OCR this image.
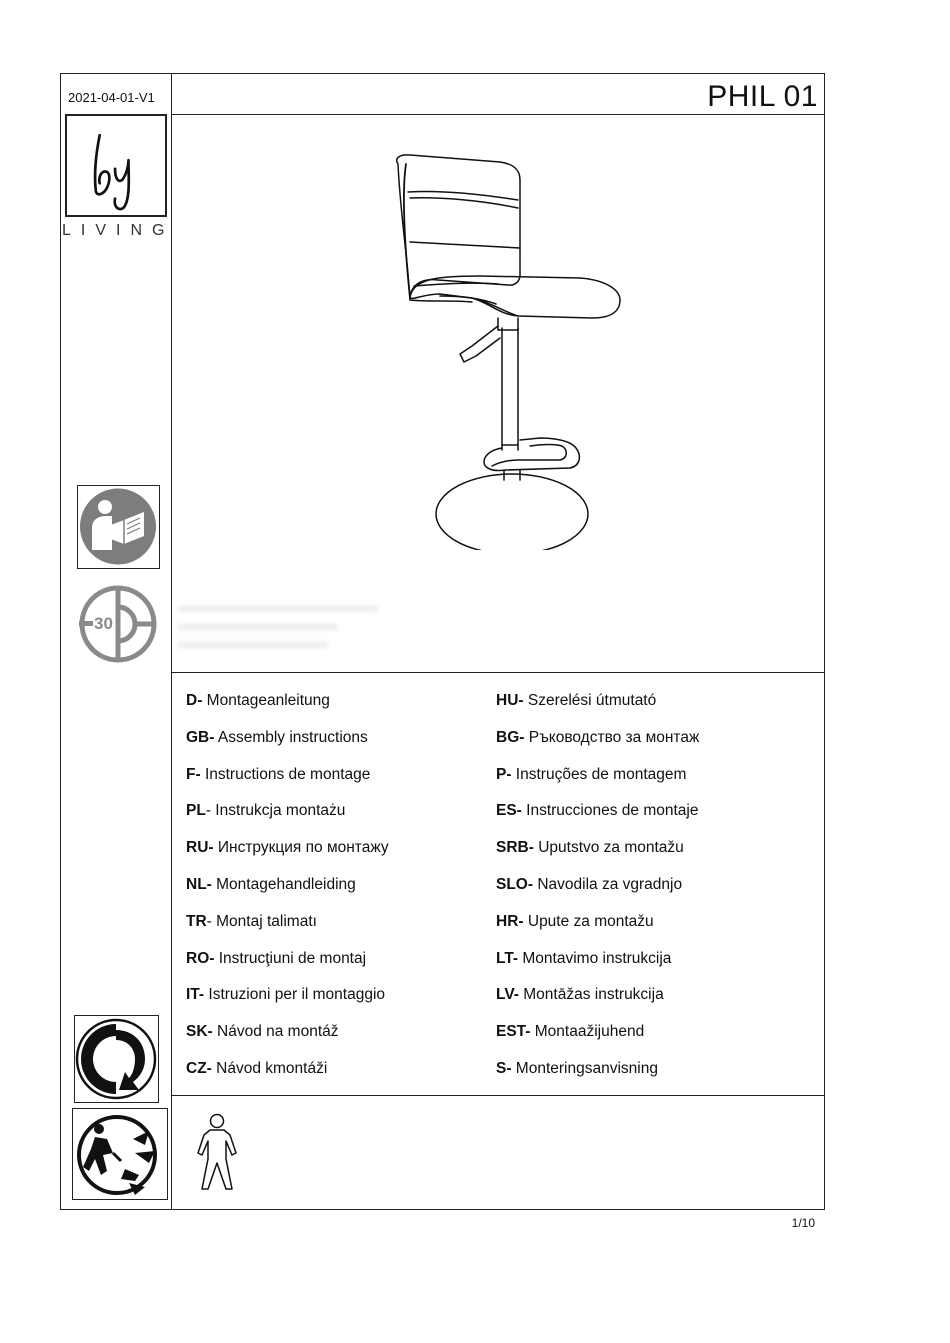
2021-04-01-V1	PHIL 01
LIVING
30
D- Montageanleitung
GB- Assembly instructions
F- Instructions de montage
PL- Instrukcja montażu
RU- Инструкция по монтажу
NL- Montagehandleiding
TR- Montaj talimatı
RO- Instrucţiuni de montaj
IT- Istruzioni per il montaggio
SK- Návod na montáž
CZ- Návod kmontáži
HU- Szerelési útmutató
BG- Ръководство за монтаж
P- Instruções de montagem
ES- Instrucciones de montaje
SRB- Uputstvo za montažu
SLO- Navodila za vgradnjo
HR- Upute za montažu
LT- Montavimo instrukcija
LV- Montāžas instrukcija
EST- Montaažijuhend
S- Monteringsanvisning
1/10
